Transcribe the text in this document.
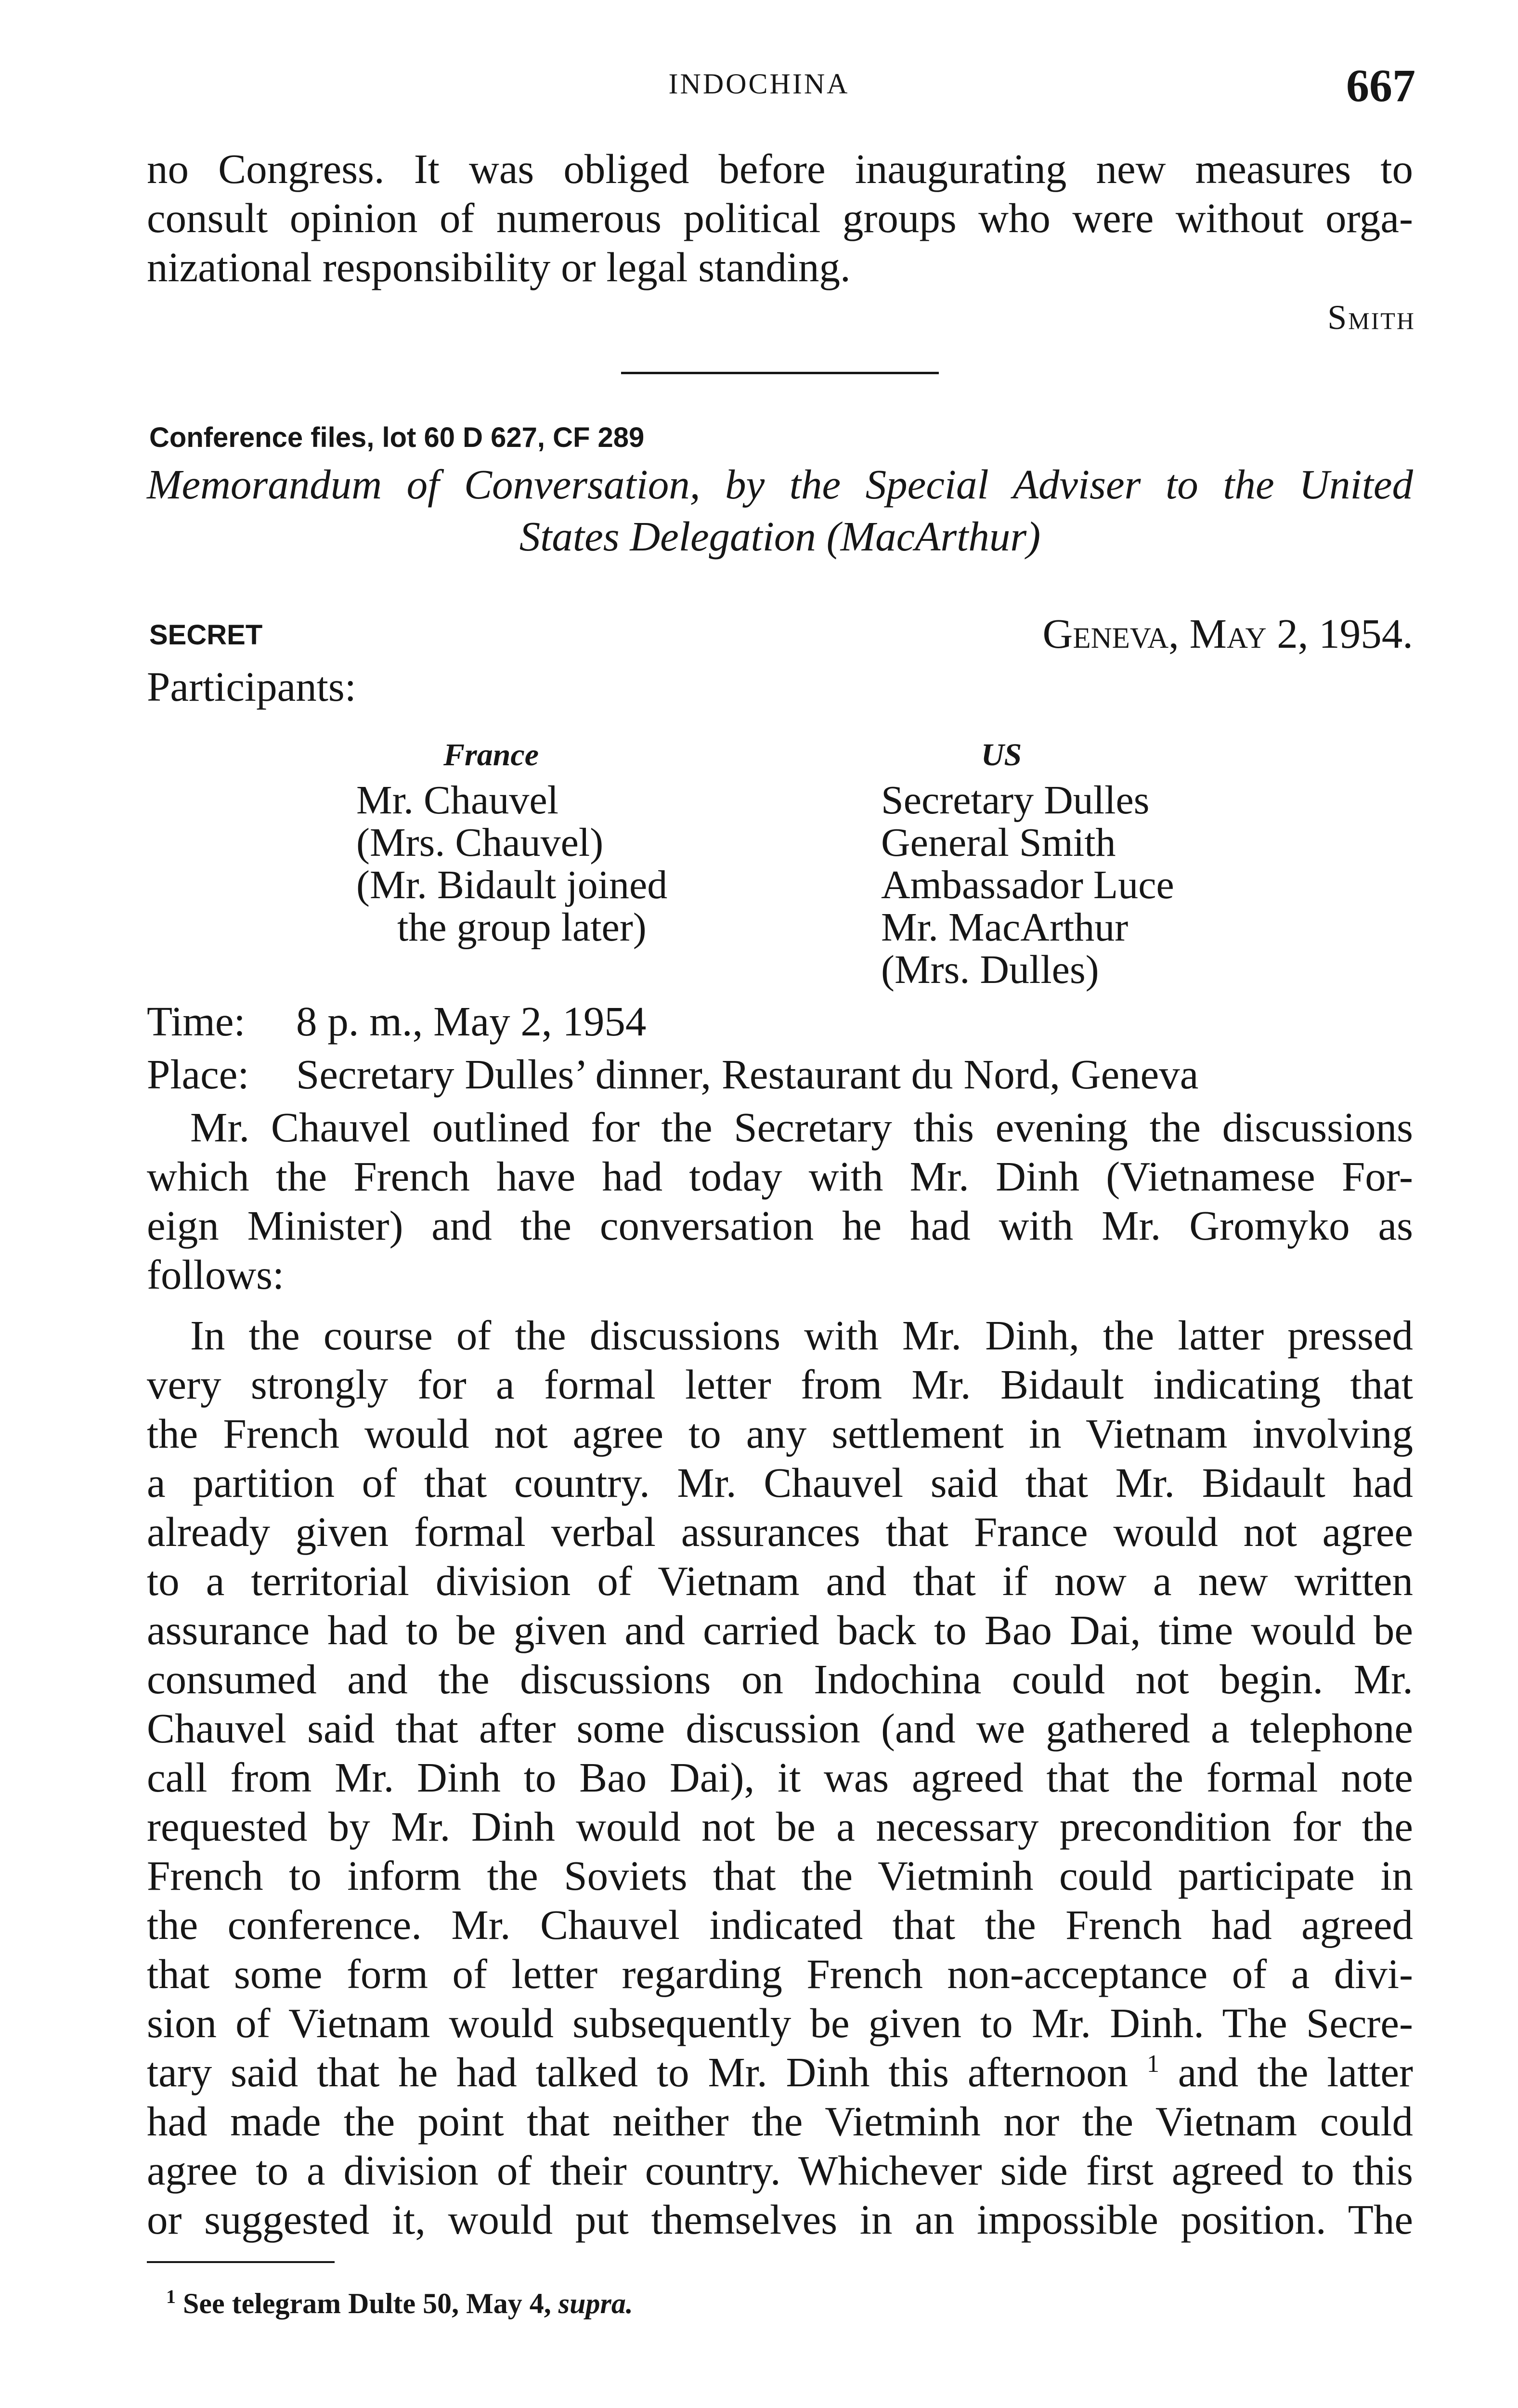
INDOCHINA	667

no Congress. It was obliged before inaugurating new measures to

consult opinion of numerous political groups who were without orga-

nizational responsibility or legal standing.

Smith
Conference files, lot 60 D 627, CF 289

Memorandum of Conversation, by the Special Adviser to the United

States Delegation (MacArthur)

SECRET	Geneva, May 2, 1954.
Participants:
France
Mr. Chauvel
(Mrs. Chauvel)
(Mr. Bidault joined
the group later)
US
Secretary Dulles
General Smith
Ambassador Luce
Mr. MacArthur
(Mrs. Dulles)
Time: 8 p. m., May 2, 1954
Place: Secretary Dulles’ dinner, Restaurant du Nord, Geneva

Mr. Chauvel outlined for the Secretary this evening the discussions

which the French have had today with Mr. Dinh (Vietnamese For-

eign Minister) and the conversation he had with Mr. Gromyko as

follows:

In the course of the discussions with Mr. Dinh, the latter pressed

very strongly for a formal letter from Mr. Bidault indicating that

the French would not agree to any settlement in Vietnam involving

a partition of that country. Mr. Chauvel said that Mr. Bidault had

already given formal verbal assurances that France would not agree

to a territorial division of Vietnam and that if now a new written

assurance had to be given and carried back to Bao Dai, time would be

consumed and the discussions on Indochina could not begin. Mr.

Chauvel said that after some discussion (and we gathered a telephone

call from Mr. Dinh to Bao Dai), it was agreed that the formal note

requested by Mr. Dinh would not be a necessary precondition for the

French to inform the Soviets that the Vietminh could participate in

the conference. Mr. Chauvel indicated that the French had agreed

that some form of letter regarding French non-acceptance of a divi-

sion of Vietnam would subsequently be given to Mr. Dinh. The Secre-

tary said that he had talked to Mr. Dinh this afternoon $^1$ and the latter

had made the point that neither the Vietminh nor the Vietnam could

agree to a division of their country. Whichever side first agreed to this

or suggested it, would put themselves in an impossible position. The

$^1$ See telegram Dulte 50, May 4, supra.
